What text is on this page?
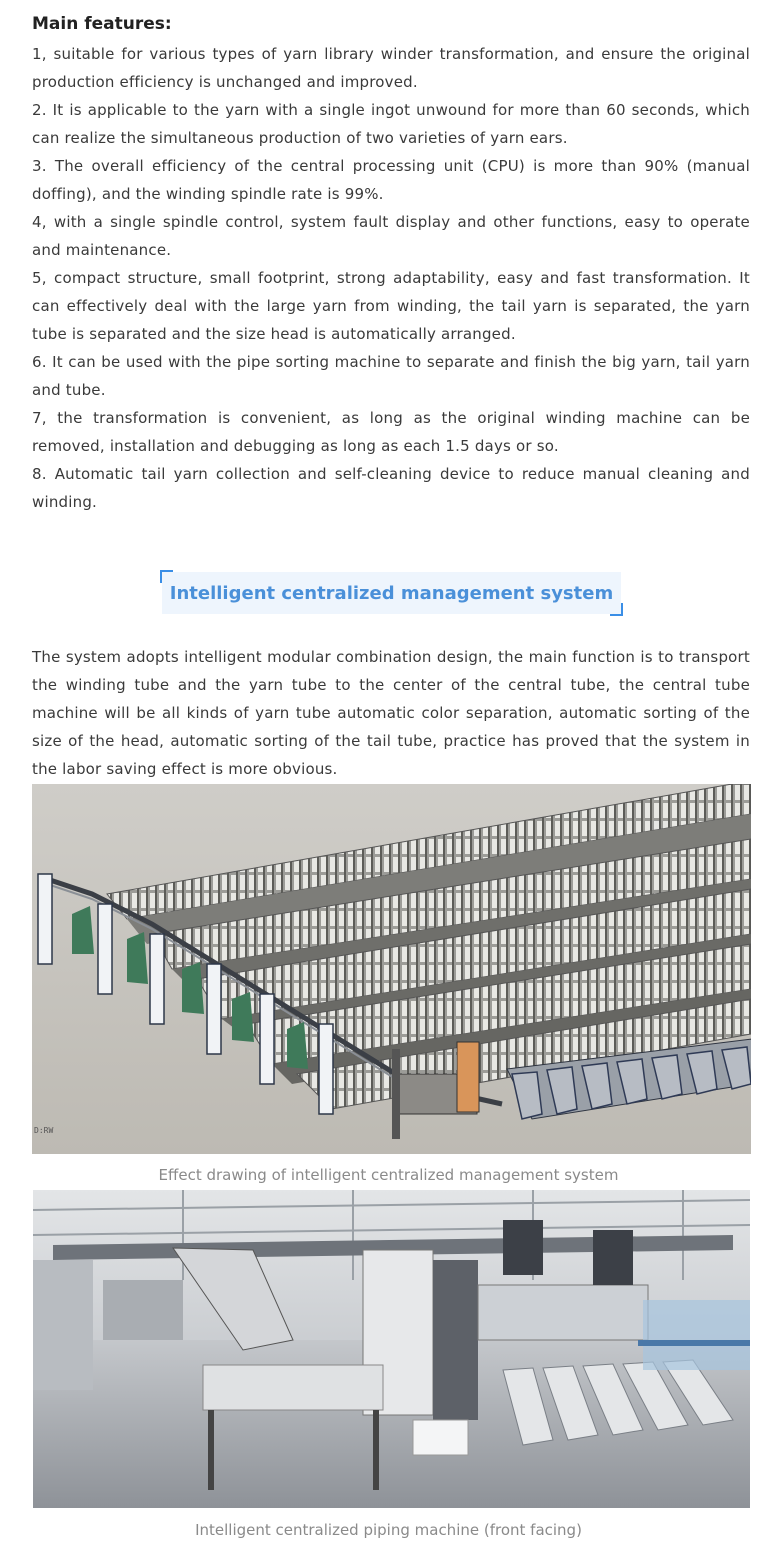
Main features:

1, suitable for various types of yarn library winder transformation, and ensure the original production efficiency is unchanged and improved.

2. It is applicable to the yarn with a single ingot unwound for more than 60 seconds, which can realize the simultaneous production of two varieties of yarn ears.

3. The overall efficiency of the central processing unit (CPU) is more than 90% (manual doffing), and the winding spindle rate is 99%.

4, with a single spindle control, system fault display and other functions, easy to operate and maintenance.

5, compact structure, small footprint, strong adaptability, easy and fast transformation. It can effectively deal with the large yarn from winding, the tail yarn is separated, the yarn tube is separated and the size head is automatically arranged.

6. It can be used with the pipe sorting machine to separate and finish the big yarn, tail yarn and tube.

7, the transformation is convenient, as long as the original winding machine can be removed, installation and debugging as long as each 1.5 days or so.

8. Automatic tail yarn collection and self-cleaning device to reduce manual cleaning and winding.

Intelligent centralized management system

The system adopts intelligent modular combination design, the main function is to transport the winding tube and the yarn tube to the center of the central tube, the central tube machine will be all kinds of yarn tube automatic color separation, automatic sorting of the size of the head, automatic sorting of the tail tube, practice has proved that the system in the labor saving effect is more obvious.

D:RW
Effect drawing of intelligent centralized management system
Intelligent centralized piping machine (front facing)
